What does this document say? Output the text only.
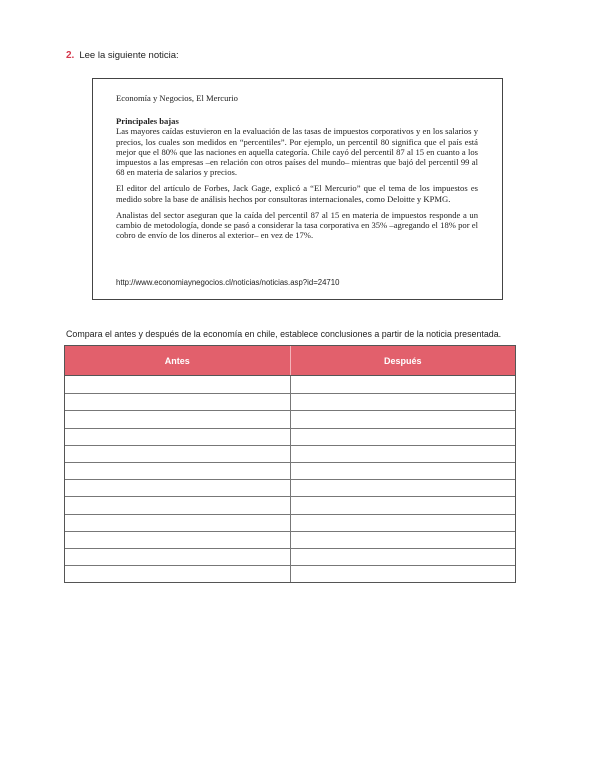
2. Lee la siguiente noticia:

Economía y Negocios, El Mercurio

Principales bajas

Las mayores caídas estuvieron en la evaluación de las tasas de impuestos corporativos y en los salarios y precios, los cuales son medidos en “percentiles”. Por ejemplo, un percentil 80 significa que el país está mejor que el 80% que las naciones en aquella categoría. Chile cayó del percentil 87 al 15 en cuanto a los impuestos a las empresas –en relación con otros países del mundo– mientras que bajó del percentil 99 al 68 en materia de salarios y precios.

El editor del artículo de Forbes, Jack Gage, explicó a “El Mercurio” que el tema de los impuestos es medido sobre la base de análisis hechos por consultoras internacionales, como Deloitte y KPMG.

Analistas del sector aseguran que la caída del percentil 87 al 15 en materia de impuestos responde a un cambio de metodología, donde se pasó a considerar la tasa corporativa en 35% –agregando el 18% por el cobro de envío de los dineros al exterior– en vez de 17%.

http://www.economiaynegocios.cl/noticias/noticias.asp?id=24710
Compara el antes y después de la economía en chile, establece conclusiones a partir de la noticia presentada.
Antes	Después
